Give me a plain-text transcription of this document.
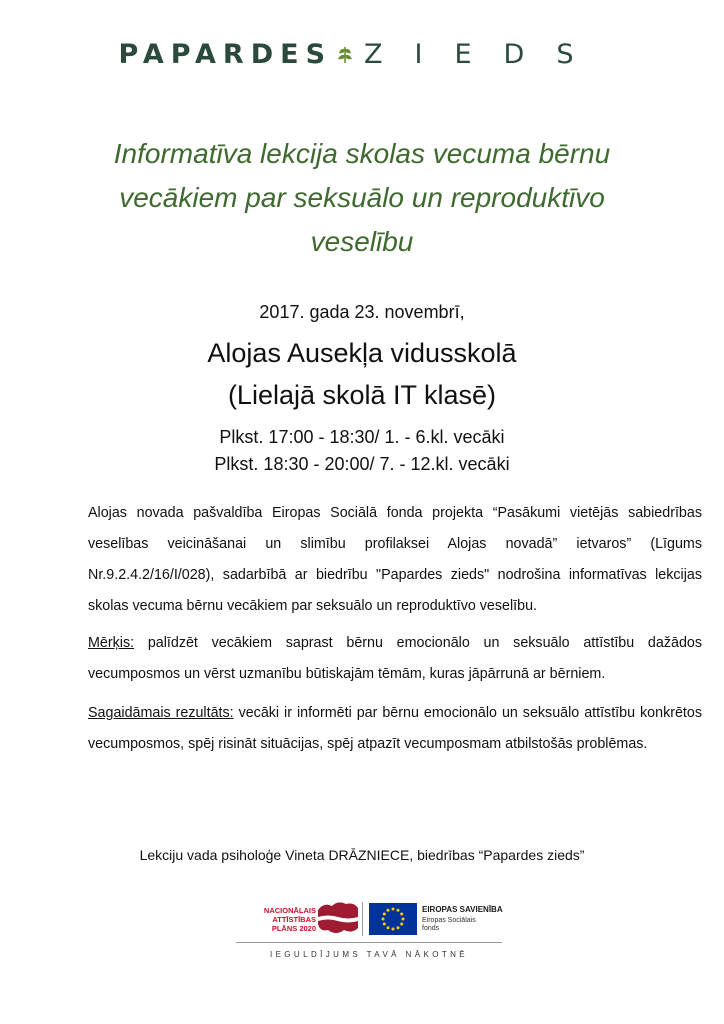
PAPARDES ZIEDS
Informatīva lekcija skolas vecuma bērnu
vecākiem par seksuālo un reproduktīvo
veselību
2017. gada 23. novembrī,
Alojas Ausekļa vidusskolā
(Lielajā skolā IT klasē)
Plkst. 17:00 - 18:30/ 1. - 6.kl. vecāki
Plkst. 18:30 - 20:00/ 7. - 12.kl. vecāki

Alojas novada pašvaldība Eiropas Sociālā fonda projekta “Pasākumi vietējās sabiedrības veselības veicināšanai un slimību profilaksei Alojas novadā” ietvaros” (Līgums Nr.9.2.4.2/16/I/028), sadarbībā ar biedrību "Papardes zieds" nodrošina informatīvas lekcijas skolas vecuma bērnu vecākiem par seksuālo un reproduktīvo veselību.

Mērķis: palīdzēt vecākiem saprast bērnu emocionālo un seksuālo attīstību dažādos vecumposmos un vērst uzmanību būtiskajām tēmām, kuras jāpārrunā ar bērniem.

Sagaidāmais rezultāts: vecāki ir informēti par bērnu emocionālo un seksuālo attīstību konkrētos vecumposmos, spēj risināt situācijas, spēj atpazīt vecumposmam atbilstošās problēmas.

Lekciju vada psiholoģe Vineta DRĀZNIECE, biedrības “Papardes zieds”
NACIONĀLAIS
ATTĪSTĪBAS
PLĀNS 2020
EIROPAS SAVIENĪBA
Eiropas Sociālais fonds
IEGULDĪJUMS TAVĀ NĀKOTNĒ
